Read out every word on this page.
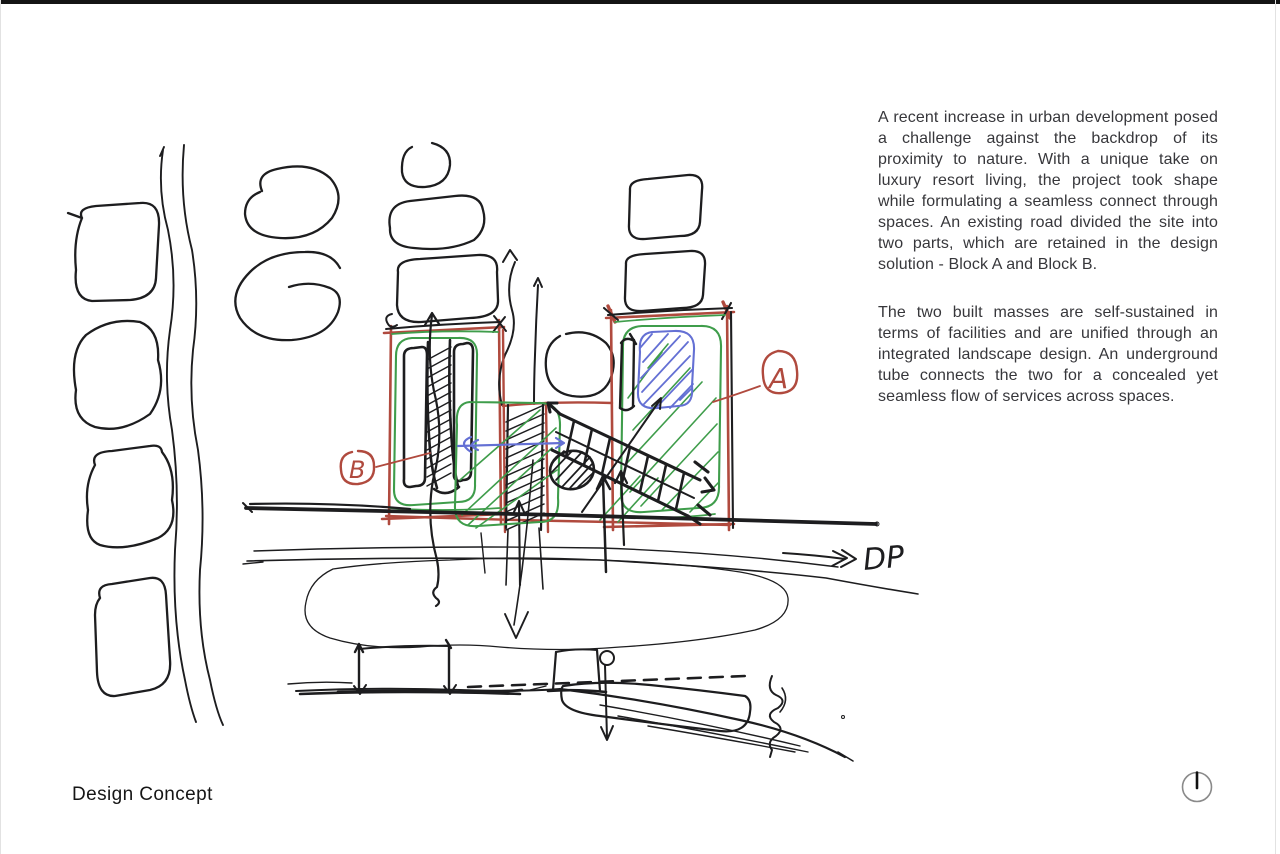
DP
B
A

A recent increase in urban development posed a challenge against the backdrop of its proximity to nature. With a unique take on luxury resort living, the project took shape while formulating a seamless connect through spaces. An existing road divided the site into two parts, which are retained in the design solution - Block A and Block B.

The two built masses are self-sustained in terms of facilities and are unified through an integrated landscape design. An underground tube connects the two for a concealed yet seamless flow of services across spaces.

Design Concept
